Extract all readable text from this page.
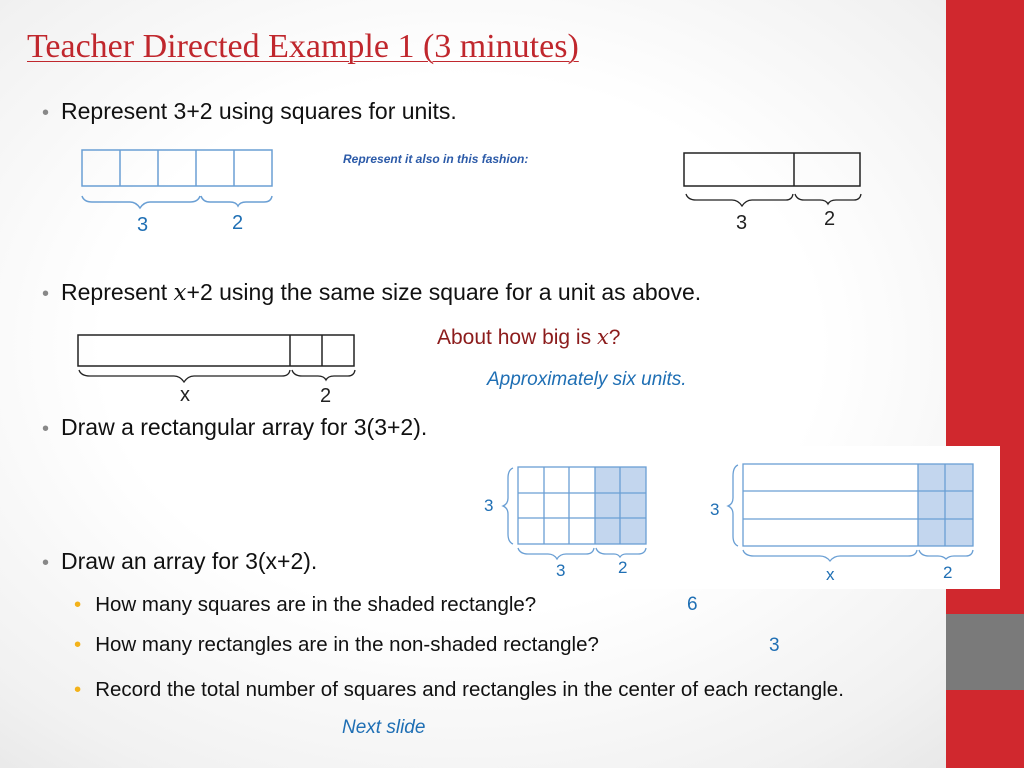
Teacher Directed Example 1 (3 minutes)
• Represent 3+2 using squares for units.
3	2
Represent it also in this fashion:
3	2
• Represent x+2 using the same size square for a unit as above.
x	2
About how big is x?
Approximately six units.
• Draw a rectangular array for 3(3+2).
3
3	2
3
x	2
• Draw an array for 3(x+2).
• How many squares are in the shaded rectangle?	6
• How many rectangles are in the non-shaded rectangle?	3
• Record the total number of squares and rectangles in the center of each rectangle.
Next slide
